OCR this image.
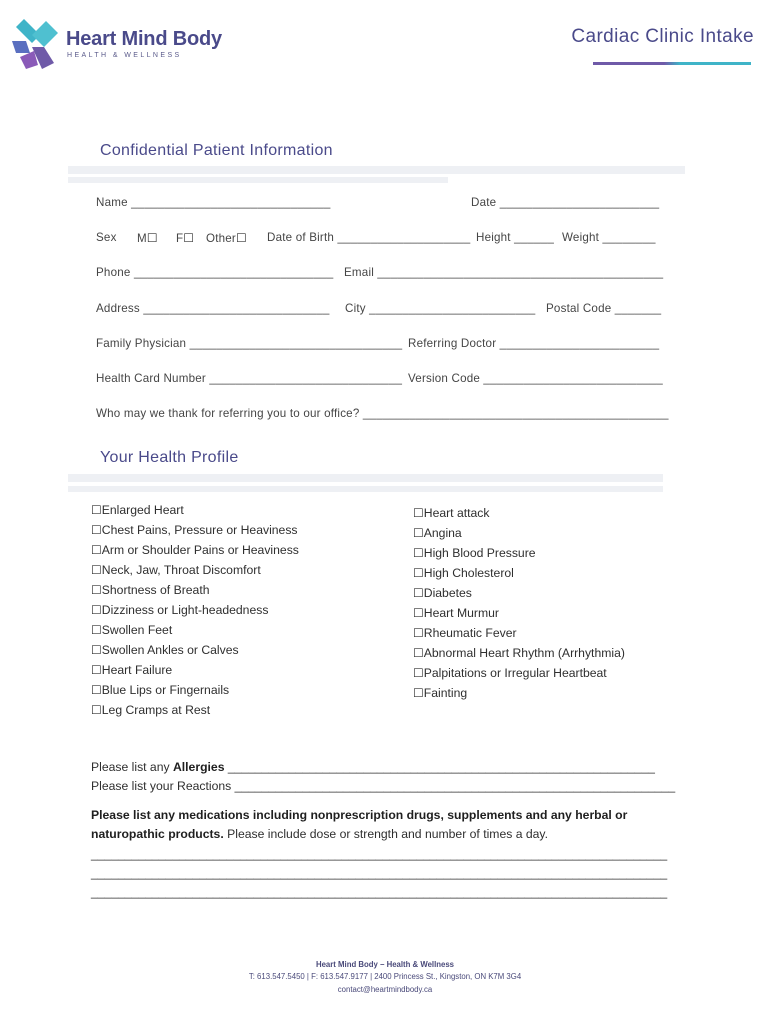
Heart Mind Body
HEALTH & WELLNESS
Cardiac Clinic Intake
Confidential Patient Information
Name ______________________________	Date ________________________
Sex M☐ F☐ Other☐ Date of Birth ____________________ Height ______ Weight ________
Phone ______________________________ Email ___________________________________________
Address ____________________________ City _________________________ Postal Code _______
Family Physician ________________________________ Referring Doctor ________________________
Health Card Number _____________________________ Version Code ___________________________
Who may we thank for referring you to our office? ______________________________________________
Your Health Profile
☐Enlarged Heart
☐Chest Pains, Pressure or Heaviness
☐Arm or Shoulder Pains or Heaviness
☐Neck, Jaw, Throat Discomfort
☐Shortness of Breath
☐Dizziness or Light-headedness
☐Swollen Feet
☐Swollen Ankles or Calves
☐Heart Failure
☐Blue Lips or Fingernails
☐Leg Cramps at Rest
☐Heart attack
☐Angina
☐High Blood Pressure
☐High Cholesterol
☐Diabetes
☐Heart Murmur
☐Rheumatic Fever
☐Abnormal Heart Rhythm (Arrhythmia)
☐Palpitations or Irregular Heartbeat
☐Fainting
Please list any Allergies _______________________________________________________________
Please list your Reactions _________________________________________________________________
Please list any medications including nonprescription drugs, supplements and any herbal or naturopathic products. Please include dose or strength and number of times a day.
_____________________________________________________________________________________
_____________________________________________________________________________________
_____________________________________________________________________________________
Heart Mind Body – Health & Wellness
T: 613.547.5450 | F: 613.547.9177 | 2400 Princess St., Kingston, ON K7M 3G4
contact@heartmindbody.ca
